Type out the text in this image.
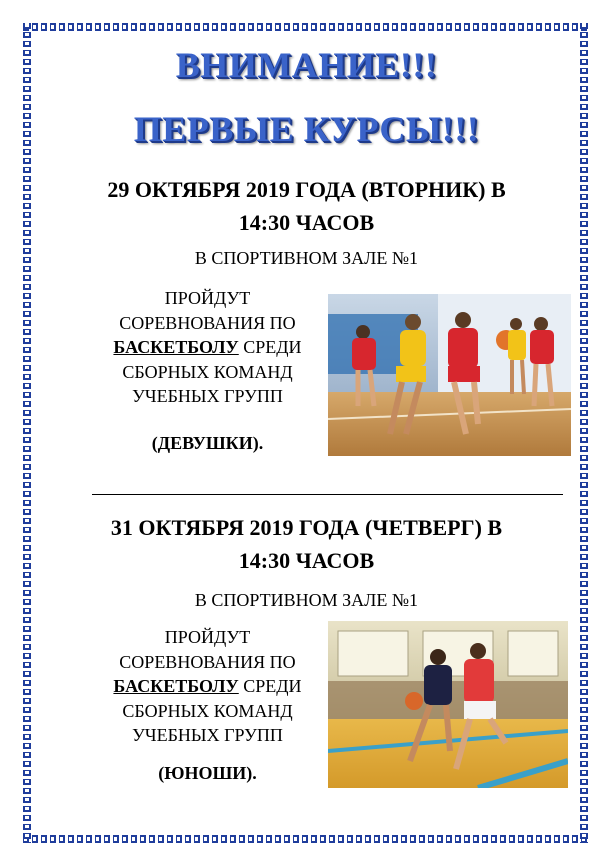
ВНИМАНИЕ!!!
ПЕРВЫЕ КУРСЫ!!!
29 ОКТЯБРЯ 2019 ГОДА (ВТОРНИК) В
14:30 ЧАСОВ
В СПОРТИВНОМ ЗАЛЕ №1
ПРОЙДУТ
СОРЕВНОВАНИЯ ПО
БАСКЕТБОЛУ СРЕДИ
СБОРНЫХ КОМАНД
УЧЕБНЫХ ГРУПП
(ДЕВУШКИ).
31 ОКТЯБРЯ 2019 ГОДА (ЧЕТВЕРГ) В
14:30 ЧАСОВ
В СПОРТИВНОМ ЗАЛЕ №1
ПРОЙДУТ
СОРЕВНОВАНИЯ ПО
БАСКЕТБОЛУ СРЕДИ
СБОРНЫХ КОМАНД
УЧЕБНЫХ ГРУПП
(ЮНОШИ).
